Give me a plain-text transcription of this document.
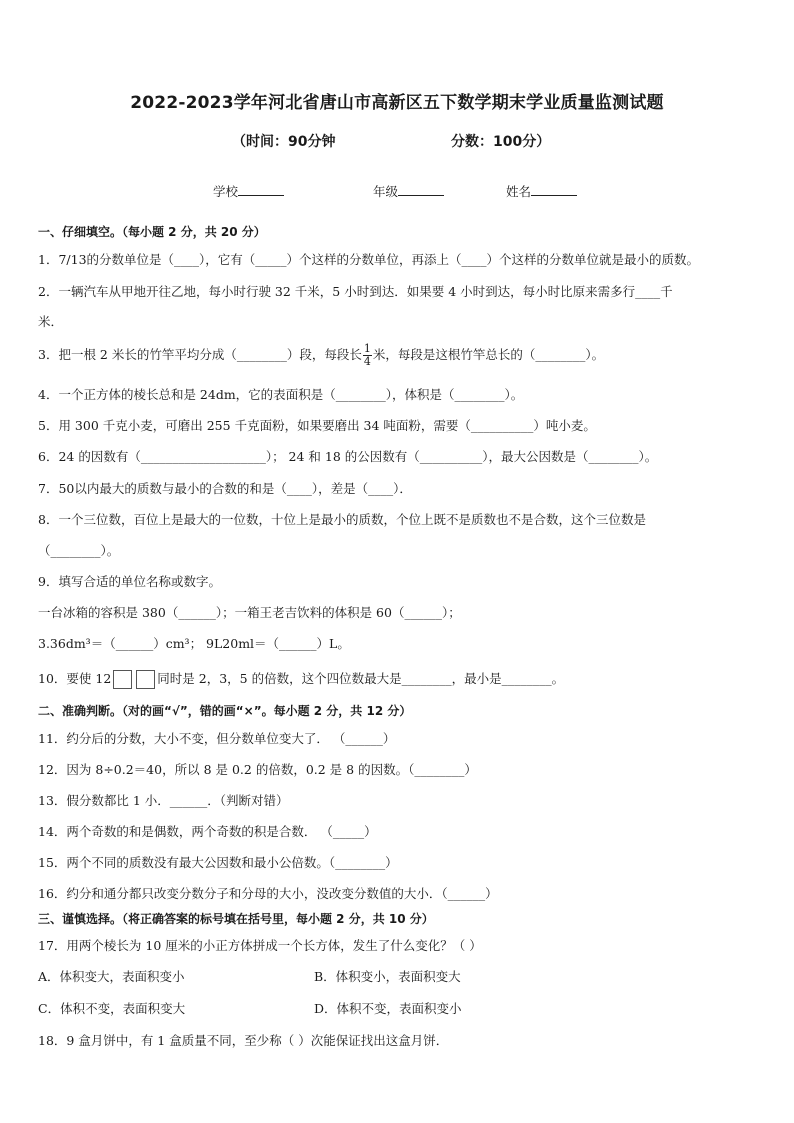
2022-2023学年河北省唐山市高新区五下数学期末学业质量监测试题
（时间：90分钟	分数：100分）
学校	年级	姓名
一、仔细填空。（每小题 2 分，共 20 分）
1．7/13的分数单位是（____），它有（_____）个这样的分数单位，再添上（____）个这样的分数单位就是最小的质数。
2．一辆汽车从甲地开往乙地，每小时行驶 32 千米，5 小时到达．如果要 4 小时到达，每小时比原来需多行____千
米．
3．把一根 2 米长的竹竿平均分成（________）段，每段长 $\frac{1}{4}$ 米，每段是这根竹竿总长的（________）。
4．一个正方体的棱长总和是 24dm，它的表面积是（________），体积是（________）。
5．用 300 千克小麦，可磨出 255 千克面粉，如果要磨出 34 吨面粉，需要（__________）吨小麦。
6．24 的因数有（____________________）； 24 和 18 的公因数有（__________），最大公因数是（________）。
7．50以内最大的质数与最小的合数的和是（____），差是（____）．
8．一个三位数，百位上是最大的一位数，十位上是最小的质数，个位上既不是质数也不是合数，这个三位数是
（________）。
9．填写合适的单位名称或数字。
一台冰箱的容积是 380（______）；一箱王老吉饮料的体积是 60（______）；
3.36dm³＝（______）cm³； 9L20ml＝（______）L。
10．要使 12	同时是 2，3，5 的倍数，这个四位数最大是________，最小是________。
二、准确判断。（对的画“√”，错的画“×”。每小题 2 分，共 12 分）
11．约分后的分数，大小不变，但分数单位变大了． （______）
12．因为 8÷0.2＝40，所以 8 是 0.2 的倍数，0.2 是 8 的因数。（________）
13．假分数都比 1 小．______．（判断对错）
14．两个奇数的和是偶数，两个奇数的积是合数． （_____）
15．两个不同的质数没有最大公因数和最小公倍数。（________）
16．约分和通分都只改变分数分子和分母的大小，没改变分数值的大小．（______）
三、谨慎选择。（将正确答案的标号填在括号里，每小题 2 分，共 10 分）
17．用两个棱长为 10 厘米的小正方体拼成一个长方体，发生了什么变化？（ ）
A．体积变大，表面积变小	B．体积变小，表面积变大
C．体积不变，表面积变大	D．体积不变，表面积变小
18．9 盒月饼中，有 1 盒质量不同，至少称（ ）次能保证找出这盒月饼．
